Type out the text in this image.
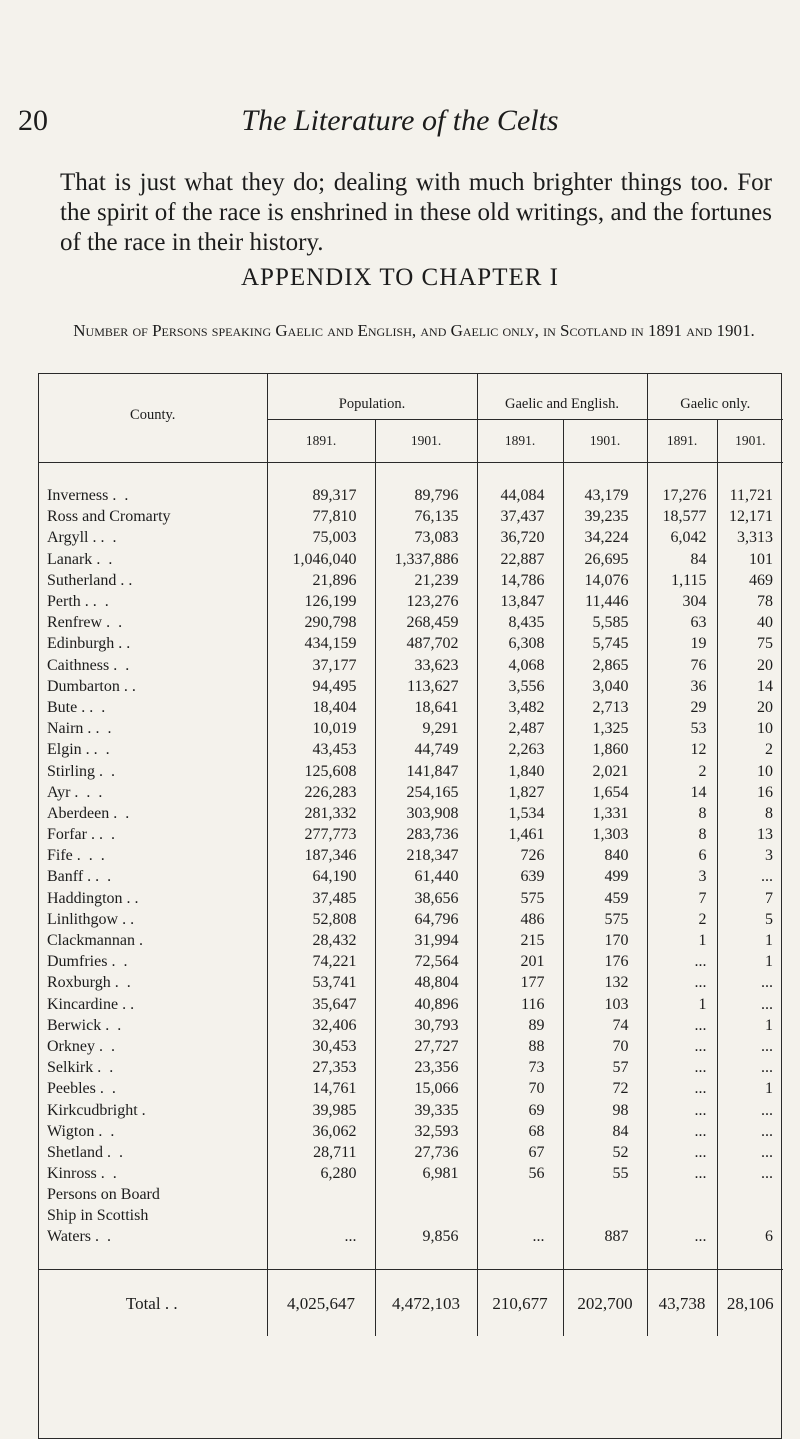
20	The Literature of the Celts

That is just what they do; dealing with much brighter things too. For the spirit of the race is enshrined in these old writings, and the fortunes of the race in their history.

APPENDIX TO CHAPTER I

Number of Persons speaking Gaelic and English, and Gaelic only, in Scotland in 1891 and 1901.

County.	Population.		Gaelic and English.		Gaelic only.	
	1891.	1901.	1891.	1901.	1891.	1901.

Inverness . .	89,317	89,796	44,084	43,179	17,276	11,721
Ross and Cromarty	77,810	76,135	37,437	39,235	18,577	12,171
Argyll . . .	75,003	73,083	36,720	34,224	6,042	3,313
Lanark . .	1,046,040	1,337,886	22,887	26,695	84	101
Sutherland . .	21,896	21,239	14,786	14,076	1,115	469
Perth . . .	126,199	123,276	13,847	11,446	304	78
Renfrew . .	290,798	268,459	8,435	5,585	63	40
Edinburgh . .	434,159	487,702	6,308	5,745	19	75
Caithness . .	37,177	33,623	4,068	2,865	76	20
Dumbarton . .	94,495	113,627	3,556	3,040	36	14
Bute . . .	18,404	18,641	3,482	2,713	29	20
Nairn . . .	10,019	9,291	2,487	1,325	53	10
Elgin . . .	43,453	44,749	2,263	1,860	12	2
Stirling . .	125,608	141,847	1,840	2,021	2	10
Ayr . . .	226,283	254,165	1,827	1,654	14	16
Aberdeen . .	281,332	303,908	1,534	1,331	8	8
Forfar . . .	277,773	283,736	1,461	1,303	8	13
Fife . . .	187,346	218,347	726	840	6	3
Banff . . .	64,190	61,440	639	499	3	...
Haddington . .	37,485	38,656	575	459	7	7
Linlithgow . .	52,808	64,796	486	575	2	5
Clackmannan .	28,432	31,994	215	170	1	1
Dumfries . .	74,221	72,564	201	176	...	1
Roxburgh . .	53,741	48,804	177	132	...	...
Kincardine . .	35,647	40,896	116	103	1	...
Berwick . .	32,406	30,793	89	74	...	1
Orkney . .	30,453	27,727	88	70	...	...
Selkirk . .	27,353	23,356	73	57	...	...
Peebles . .	14,761	15,066	70	72	...	1
Kirkcudbright .	39,985	39,335	69	98	...	...
Wigton . .	36,062	32,593	68	84	...	...
Shetland . .	28,711	27,736	67	52	...	...
Kinross . .	6,280	6,981	56	55	...	...

Persons on Board
Ship in Scottish
Waters . .	...	9,856	...	887	...	6

Total . .	4,025,647	4,472,103	210,677	202,700	43,738	28,106
